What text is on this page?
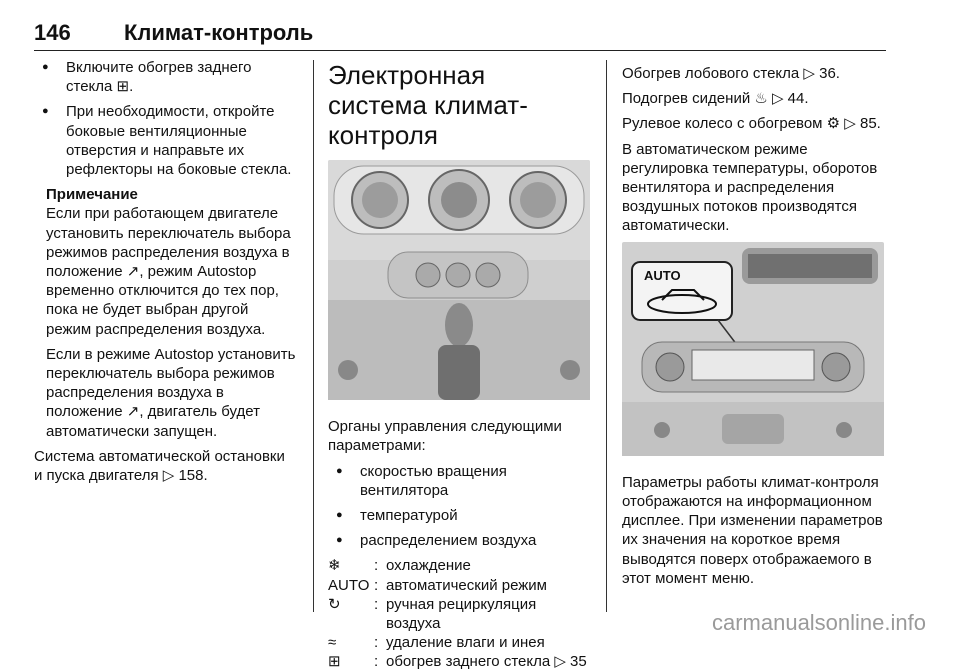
146 Климат-контроль
● Включите обогрев заднего стекла ⊞.
● При необходимости, откройте боковые вентиляционные отверстия и направьте их рефлекторы на боковые стекла.
Примечание

Если при работающем двигателе установить переключатель выбора режимов распределения воздуха в положение ↗, режим Autostop временно отключится до тех пор, пока не будет выбран другой режим распределения воздуха.

Если в режиме Autostop установить переключатель выбора режимов распределения воздуха в положение ↗, двигатель будет автоматически запущен.

Система автоматической остановки и пуска двигателя ▷ 158.

Электронная система климат-контроля

Органы управления следующими параметрами:

● скоростью вращения вентилятора
● температурой
● распределением воздуха
❄	: охлаждение
AUTO : автоматический режим
↻	: ручная рециркуляция воздуха
≈	: удаление влаги и инея
⊞	: обогрев заднего стекла ▷ 35

Обогрев лобового стекла ▷ 36.

Подогрев сидений ♨ ▷ 44.

Рулевое колесо с обогревом ⚙ ▷ 85.

В автоматическом режиме регулировка температуры, оборотов вентилятора и распределения воздушных потоков производятся автоматически.

AUTO

Параметры работы климат-контроля отображаются на информационном дисплее. При изменении параметров их значения на короткое время выводятся поверх отображаемого в этот момент меню.

carmanualsonline.info
